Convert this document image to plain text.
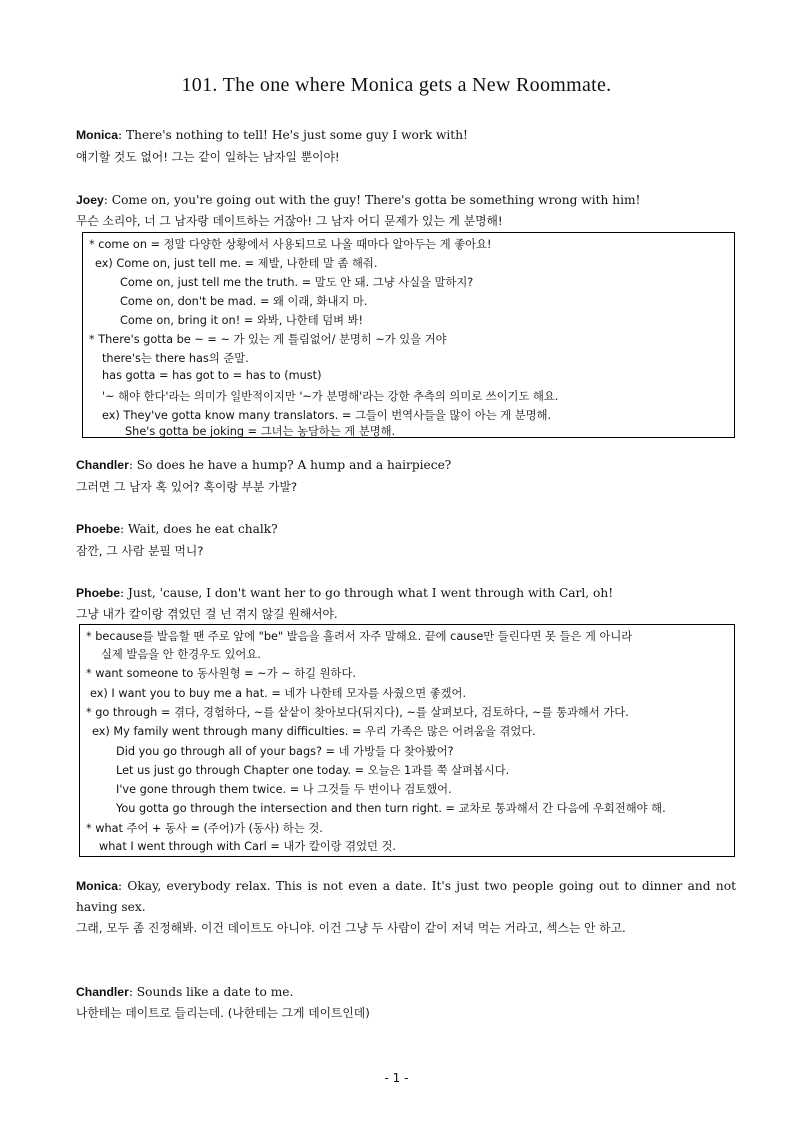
101. The one where Monica gets a New Roommate.
Monica: There's nothing to tell! He's just some guy I work with!
얘기할 것도 없어! 그는 같이 일하는 남자일 뿐이야!
Joey: Come on, you're going out with the guy! There's gotta be something wrong with him!
무슨 소리야, 너 그 남자랑 데이트하는 거잖아! 그 남자 어디 문제가 있는 게 분명해!
* come on = 정말 다양한 상황에서 사용되므로 나올 때마다 알아두는 게 좋아요!
ex) Come on, just tell me. = 제발, 나한테 말 좀 해줘.
Come on, just tell me the truth. = 말도 안 돼. 그냥 사실을 말하지?
Come on, don't be mad. = 왜 이래, 화내지 마.
Come on, bring it on! = 와봐, 나한테 덤벼 봐!
* There's gotta be ~ = ~ 가 있는 게 틀림없어/ 분명히 ~가 있을 거야
there's는 there has의 준말.
has gotta = has got to = has to (must)
'~ 해야 한다'라는 의미가 일반적이지만 '~가 분명해'라는 강한 추측의 의미로 쓰이기도 해요.
ex) They've gotta know many translators. = 그들이 번역사들을 많이 아는 게 분명해.
She's gotta be joking = 그녀는 농담하는 게 분명해.
Chandler: So does he have a hump? A hump and a hairpiece?
그러면 그 남자 혹 있어? 혹이랑 부분 가발?
Phoebe: Wait, does he eat chalk?
잠깐, 그 사람 분필 먹니?
Phoebe: Just, 'cause, I don't want her to go through what I went through with Carl, oh!
그냥 내가 칼이랑 겪었던 걸 넌 겪지 않길 원해서야.
* because를 발음할 땐 주로 앞에 "be" 발음을 흘려서 자주 말해요. 끝에 cause만 들린다면 못 들은 게 아니라
실제 발음을 안 한경우도 있어요.
* want someone to 동사원형 = ~가 ~ 하길 원하다.
ex) I want you to buy me a hat. = 네가 나한테 모자를 사줬으면 좋겠어.
* go through = 겪다, 경험하다, ~를 샅샅이 찾아보다(뒤지다), ~를 살펴보다, 검토하다, ~를 통과해서 가다.
ex) My family went through many difficulties. = 우리 가족은 많은 어려움을 겪었다.
Did you go through all of your bags? = 네 가방들 다 찾아봤어?
Let us just go through Chapter one today. = 오늘은 1과를 쭉 살펴봅시다.
I've gone through them twice. = 나 그것들 두 번이나 검토했어.
You gotta go through the intersection and then turn right. = 교차로 통과해서 간 다음에 우회전해야 해.
* what 주어 + 동사 = (주어)가 (동사) 하는 것.
what I went through with Carl = 내가 칼이랑 겪었던 것.
Monica: Okay, everybody relax. This is not even a date. It's just two people going out to dinner and not having sex.
그래, 모두 좀 진정해봐. 이건 데이트도 아니야. 이건 그냥 두 사람이 같이 저녁 먹는 거라고, 섹스는 안 하고.
Chandler: Sounds like a date to me.
나한테는 데이트로 들리는데. (나한테는 그게 데이트인데)
- 1 -
